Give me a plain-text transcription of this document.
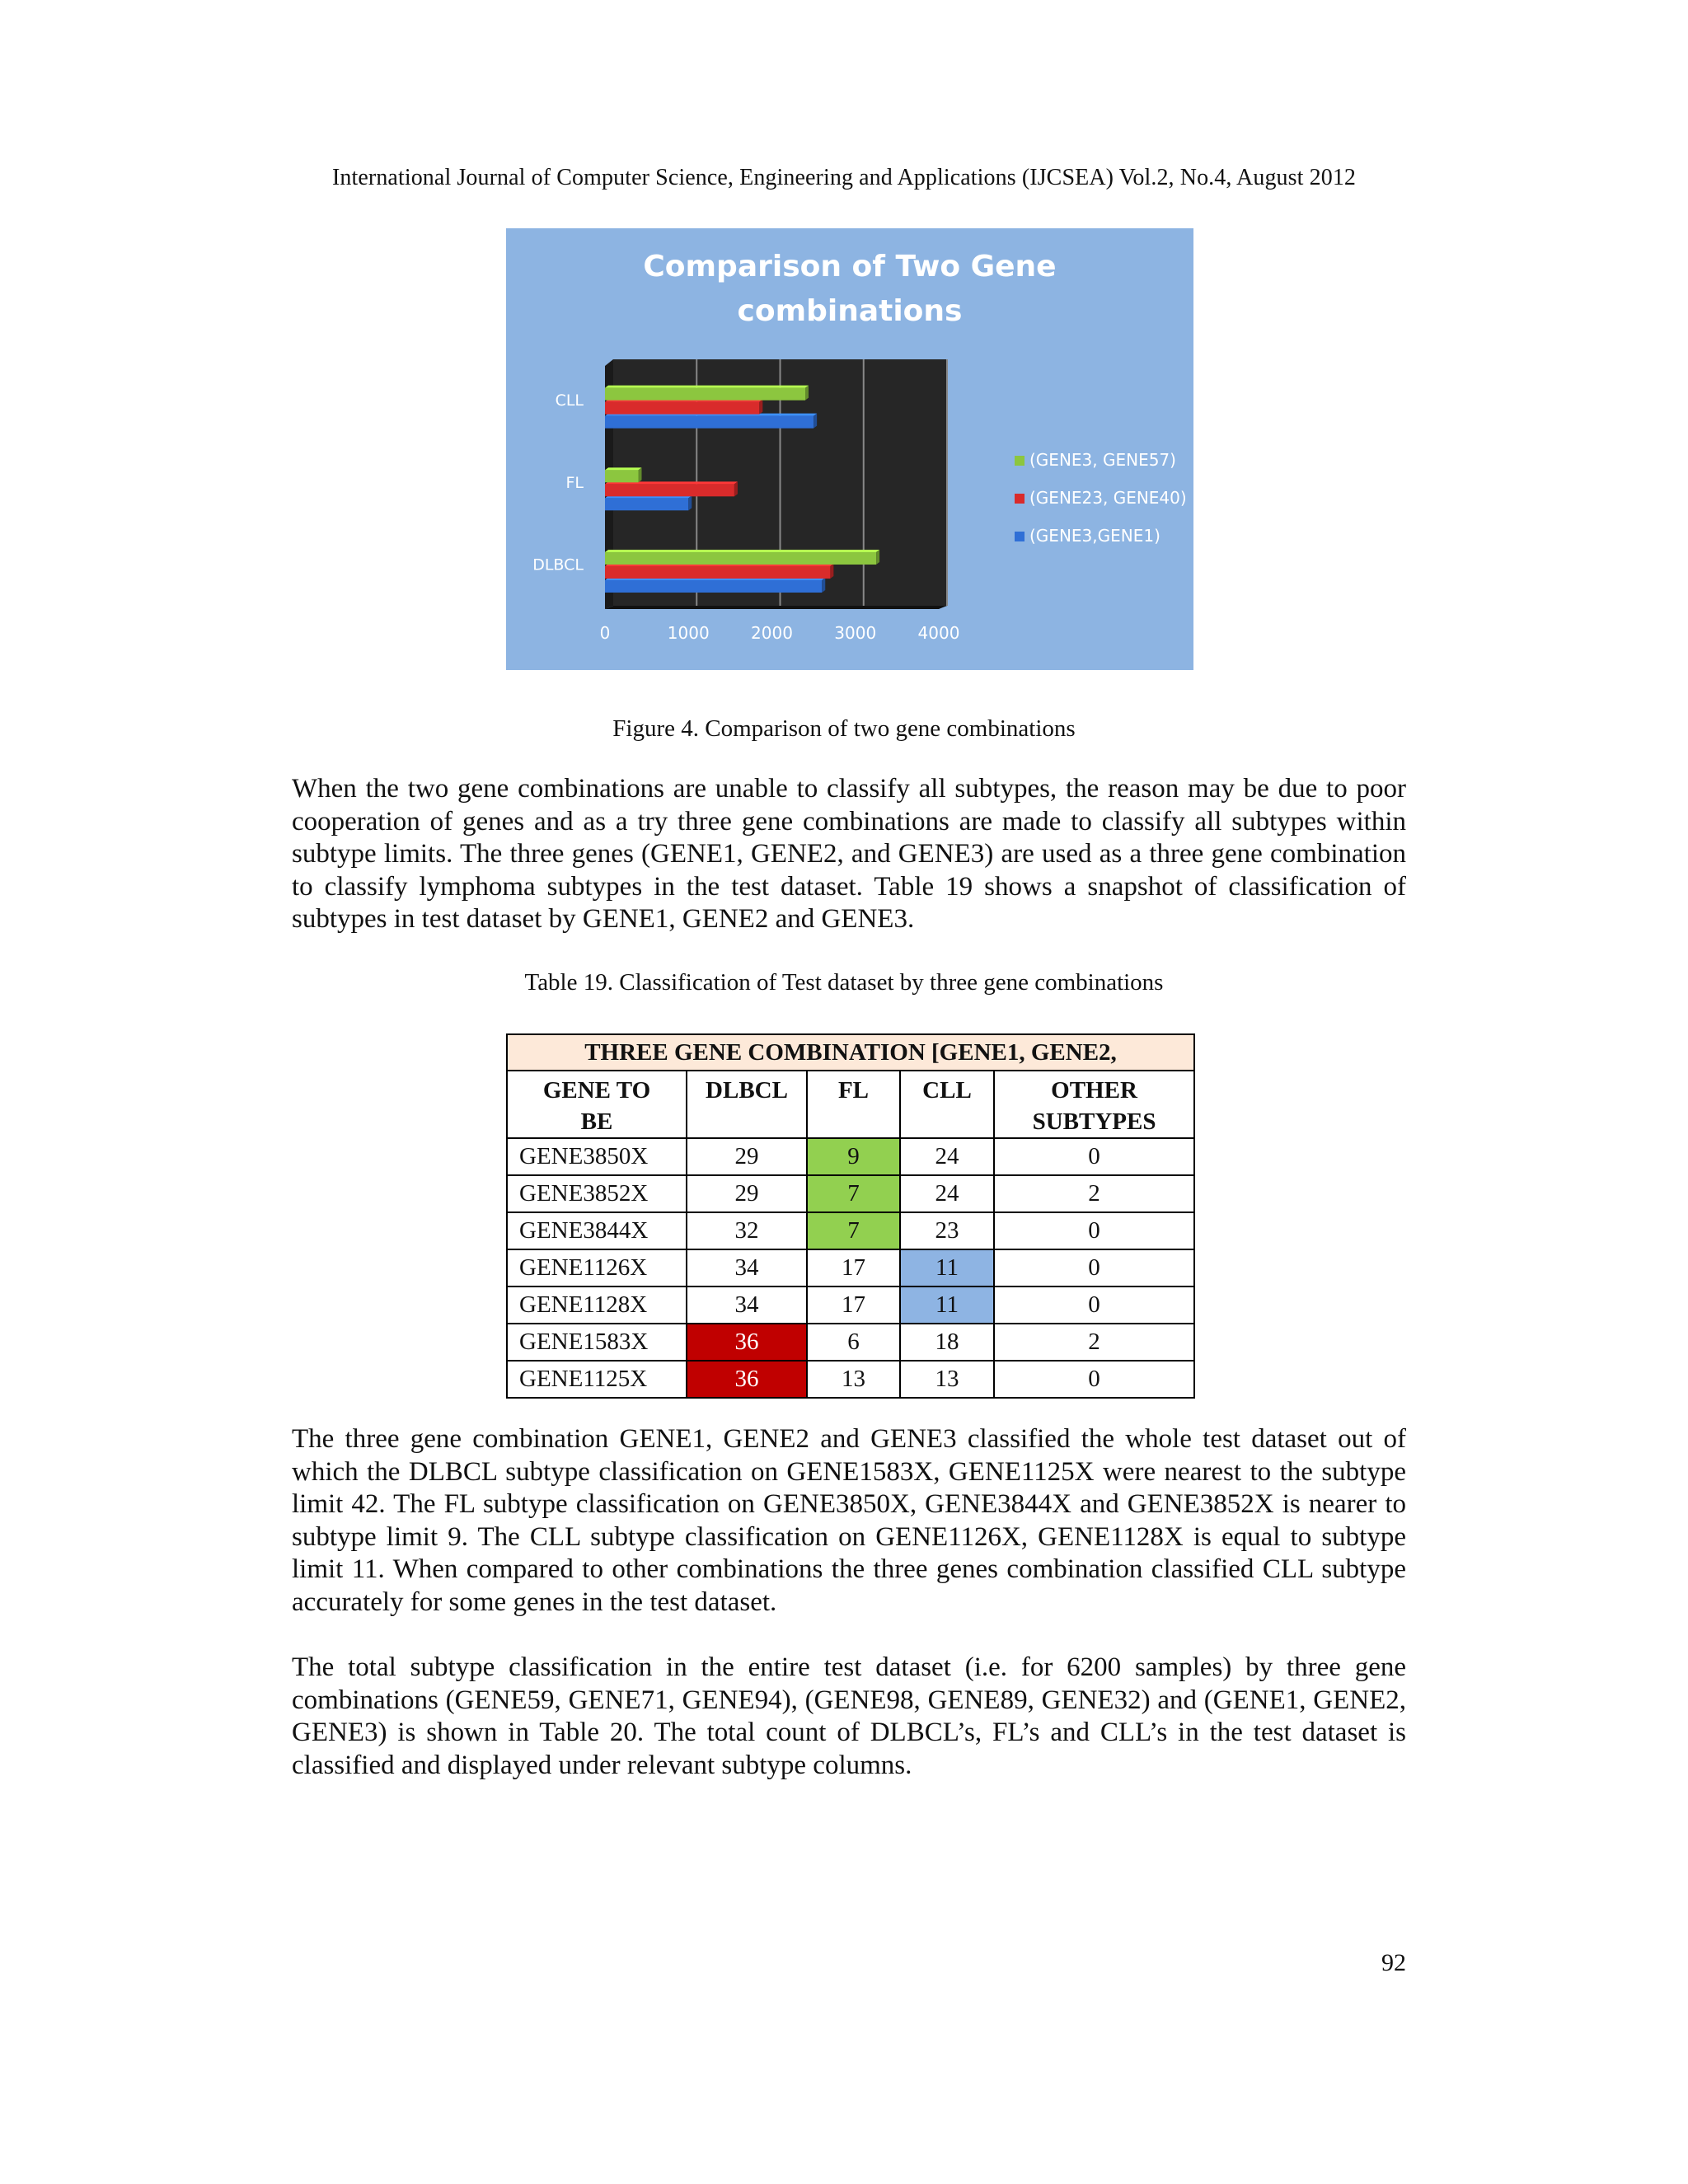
International Journal of Computer Science, Engineering and Applications (IJCSEA) Vol.2, No.4, August 2012
Comparison of Two Gene
combinations
0	1000	2000	3000	4000
DLBCL
FL
CLL
(GENE3, GENE57)
(GENE23, GENE40)
(GENE3,GENE1)
Figure 4. Comparison of two gene combinations

When the two gene combinations are unable to classify all subtypes, the reason may be due to poor cooperation of genes and as a try three gene combinations are made to classify all subtypes within subtype limits. The three genes (GENE1, GENE2, and GENE3) are used as a three gene combination to classify lymphoma subtypes in the test dataset. Table 19 shows a snapshot of classification of subtypes in test dataset by GENE1, GENE2 and GENE3.

Table 19. Classification of Test dataset by three gene combinations
THREE GENE COMBINATION [GENE1, GENE2,				

GENE TO
BE	DLBCL	FL	CLL	OTHER
SUBTYPES

GENE3850X	29	9	24	0
GENE3852X	29	7	24	2
GENE3844X	32	7	23	0
GENE1126X	34	17	11	0
GENE1128X	34	17	11	0
GENE1583X	36	6	18	2
GENE1125X	36	13	13	0

The three gene combination GENE1, GENE2 and GENE3 classified the whole test dataset out of which the DLBCL subtype classification on GENE1583X, GENE1125X were nearest to the subtype limit 42. The FL subtype classification on GENE3850X, GENE3844X and GENE3852X is nearer to subtype limit 9. The CLL subtype classification on GENE1126X, GENE1128X is equal to subtype limit 11. When compared to other combinations the three genes combination classified CLL subtype accurately for some genes in the test dataset.

The total subtype classification in the entire test dataset (i.e. for 6200 samples) by three gene combinations (GENE59, GENE71, GENE94), (GENE98, GENE89, GENE32) and (GENE1, GENE2, GENE3) is shown in Table 20. The total count of DLBCL’s, FL’s and CLL’s in the test dataset is classified and displayed under relevant subtype columns.

92
